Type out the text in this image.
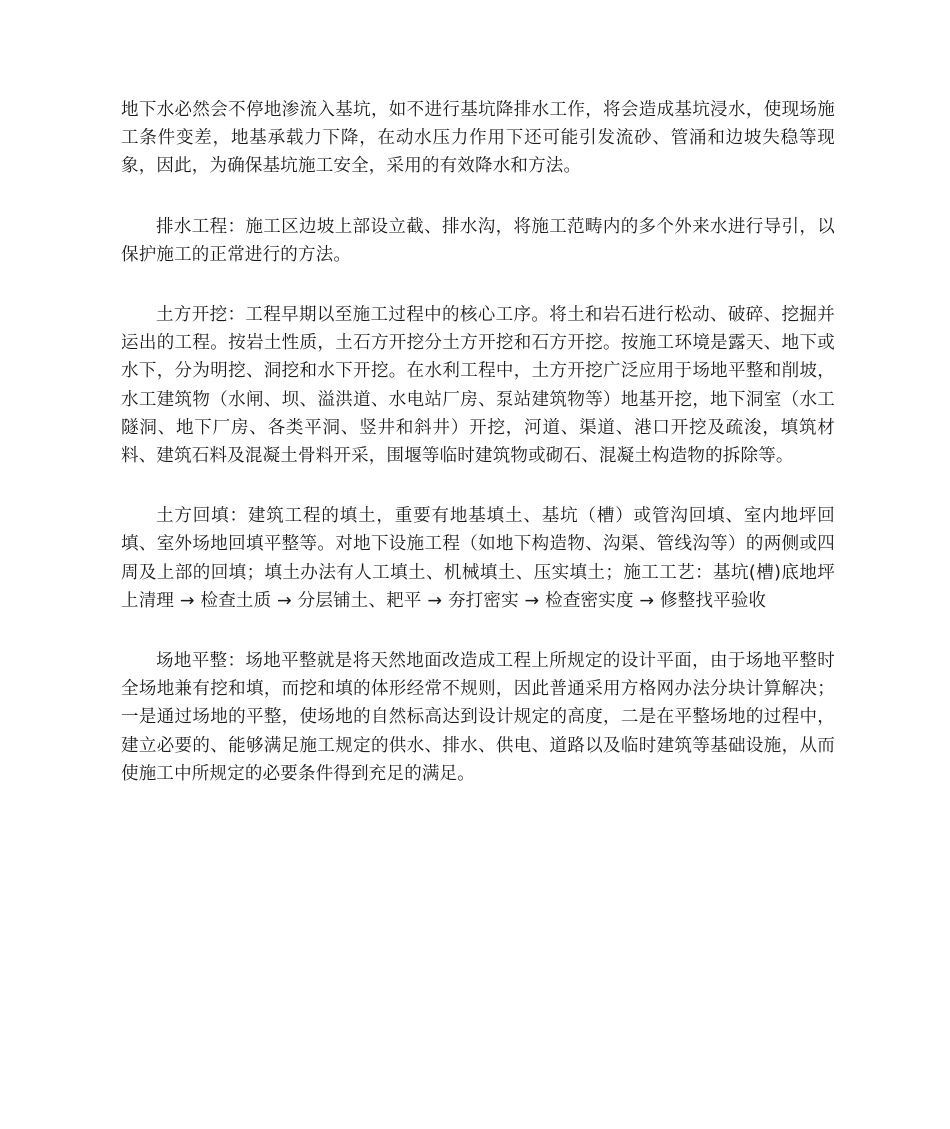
地下水必然会不停地渗流入基坑，如不进行基坑降排水工作，将会造成基坑浸水，使现场施工条件变差，地基承载力下降，在动水压力作用下还可能引发流砂、管涌和边坡失稳等现象，因此，为确保基坑施工安全，采用的有效降水和方法。

排水工程：施工区边坡上部设立截、排水沟，将施工范畴内的多个外来水进行导引，以保护施工的正常进行的方法。

土方开挖：工程早期以至施工过程中的核心工序。将土和岩石进行松动、破碎、挖掘并运出的工程。按岩土性质，土石方开挖分土方开挖和石方开挖。按施工环境是露天、地下或水下，分为明挖、洞挖和水下开挖。在水利工程中，土方开挖广泛应用于场地平整和削坡，水工建筑物（水闸、坝、溢洪道、水电站厂房、泵站建筑物等）地基开挖，地下洞室（水工隧洞、地下厂房、各类平洞、竖井和斜井）开挖，河道、渠道、港口开挖及疏浚，填筑材料、建筑石料及混凝土骨料开采，围堰等临时建筑物或砌石、混凝土构造物的拆除等。

土方回填：建筑工程的填土，重要有地基填土、基坑（槽）或管沟回填、室内地坪回填、室外场地回填平整等。对地下设施工程（如地下构造物、沟渠、管线沟等）的两侧或四周及上部的回填；填土办法有人工填土、机械填土、压实填土；施工工艺：基坑(槽)底地坪上清理 → 检查土质 → 分层铺土、耙平 → 夯打密实 → 检查密实度 → 修整找平验收

场地平整：场地平整就是将天然地面改造成工程上所规定的设计平面，由于场地平整时全场地兼有挖和填，而挖和填的体形经常不规则，因此普通采用方格网办法分块计算解决；一是通过场地的平整，使场地的自然标高达到设计规定的高度，二是在平整场地的过程中，建立必要的、能够满足施工规定的供水、排水、供电、道路以及临时建筑等基础设施，从而使施工中所规定的必要条件得到充足的满足。
